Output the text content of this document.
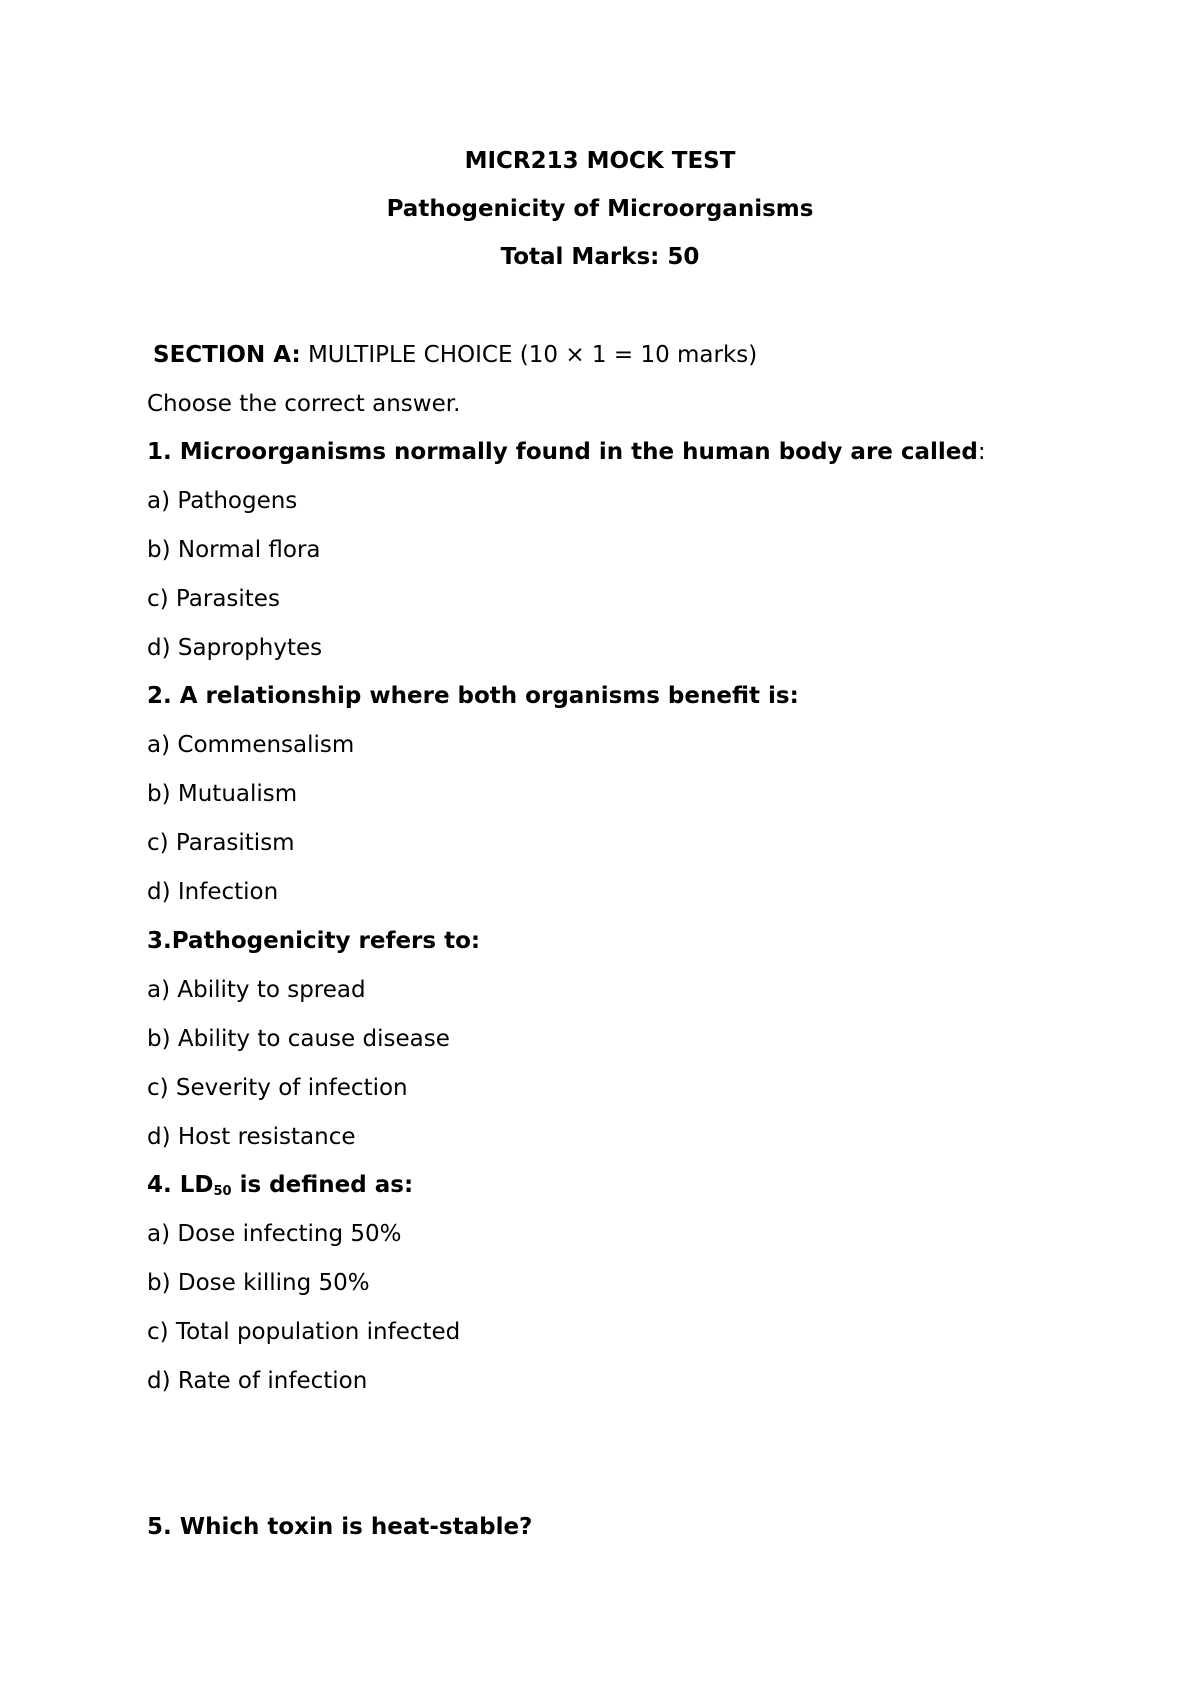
MICR213 MOCK TEST
Pathogenicity of Microorganisms
Total Marks: 50
SECTION A: MULTIPLE CHOICE (10 × 1 = 10 marks)
Choose the correct answer.
1. Microorganisms normally found in the human body are called:
a) Pathogens
b) Normal flora
c) Parasites
d) Saprophytes
2. A relationship where both organisms benefit is:
a) Commensalism
b) Mutualism
c) Parasitism
d) Infection
3.Pathogenicity refers to:
a) Ability to spread
b) Ability to cause disease
c) Severity of infection
d) Host resistance
4. $LD_{50}$ is defined as:
a) Dose infecting 50%
b) Dose killing 50%
c) Total population infected
d) Rate of infection
5. Which toxin is heat-stable?
